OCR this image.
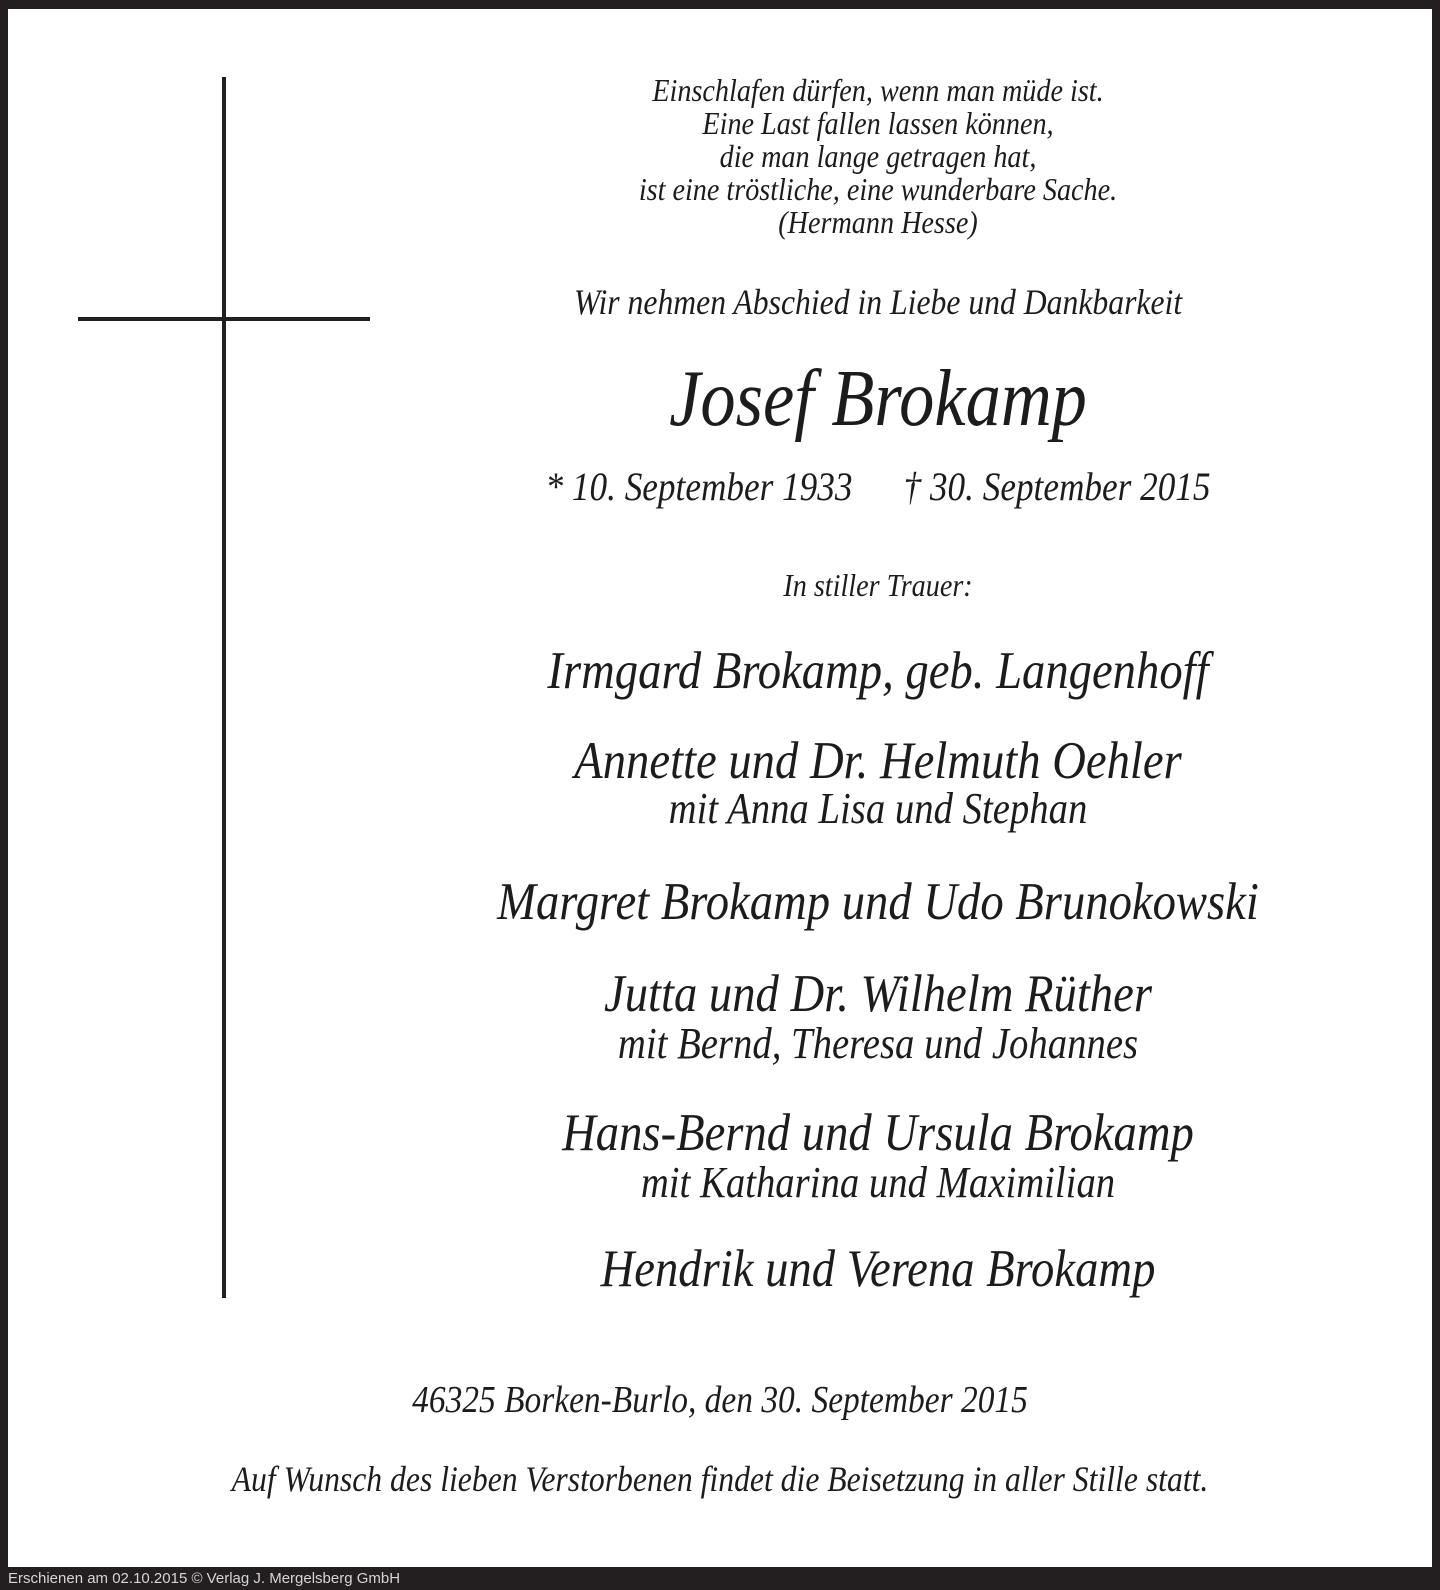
Einschlafen dürfen, wenn man müde ist.
Eine Last fallen lassen können,
die man lange getragen hat,
ist eine tröstliche, eine wunderbare Sache.
(Hermann Hesse)
Wir nehmen Abschied in Liebe und Dankbarkeit
Josef Brokamp
* 10. September 1933 † 30. September 2015
In stiller Trauer:
Irmgard Brokamp, geb. Langenhoff
Annette und Dr. Helmuth Oehler
mit Anna Lisa und Stephan
Margret Brokamp und Udo Brunokowski
Jutta und Dr. Wilhelm Rüther
mit Bernd, Theresa und Johannes
Hans-Bernd und Ursula Brokamp
mit Katharina und Maximilian
Hendrik und Verena Brokamp
46325 Borken-Burlo, den 30. September 2015
Auf Wunsch des lieben Verstorbenen findet die Beisetzung in aller Stille statt.
Erschienen am 02.10.2015 © Verlag J. Mergelsberg GmbH
